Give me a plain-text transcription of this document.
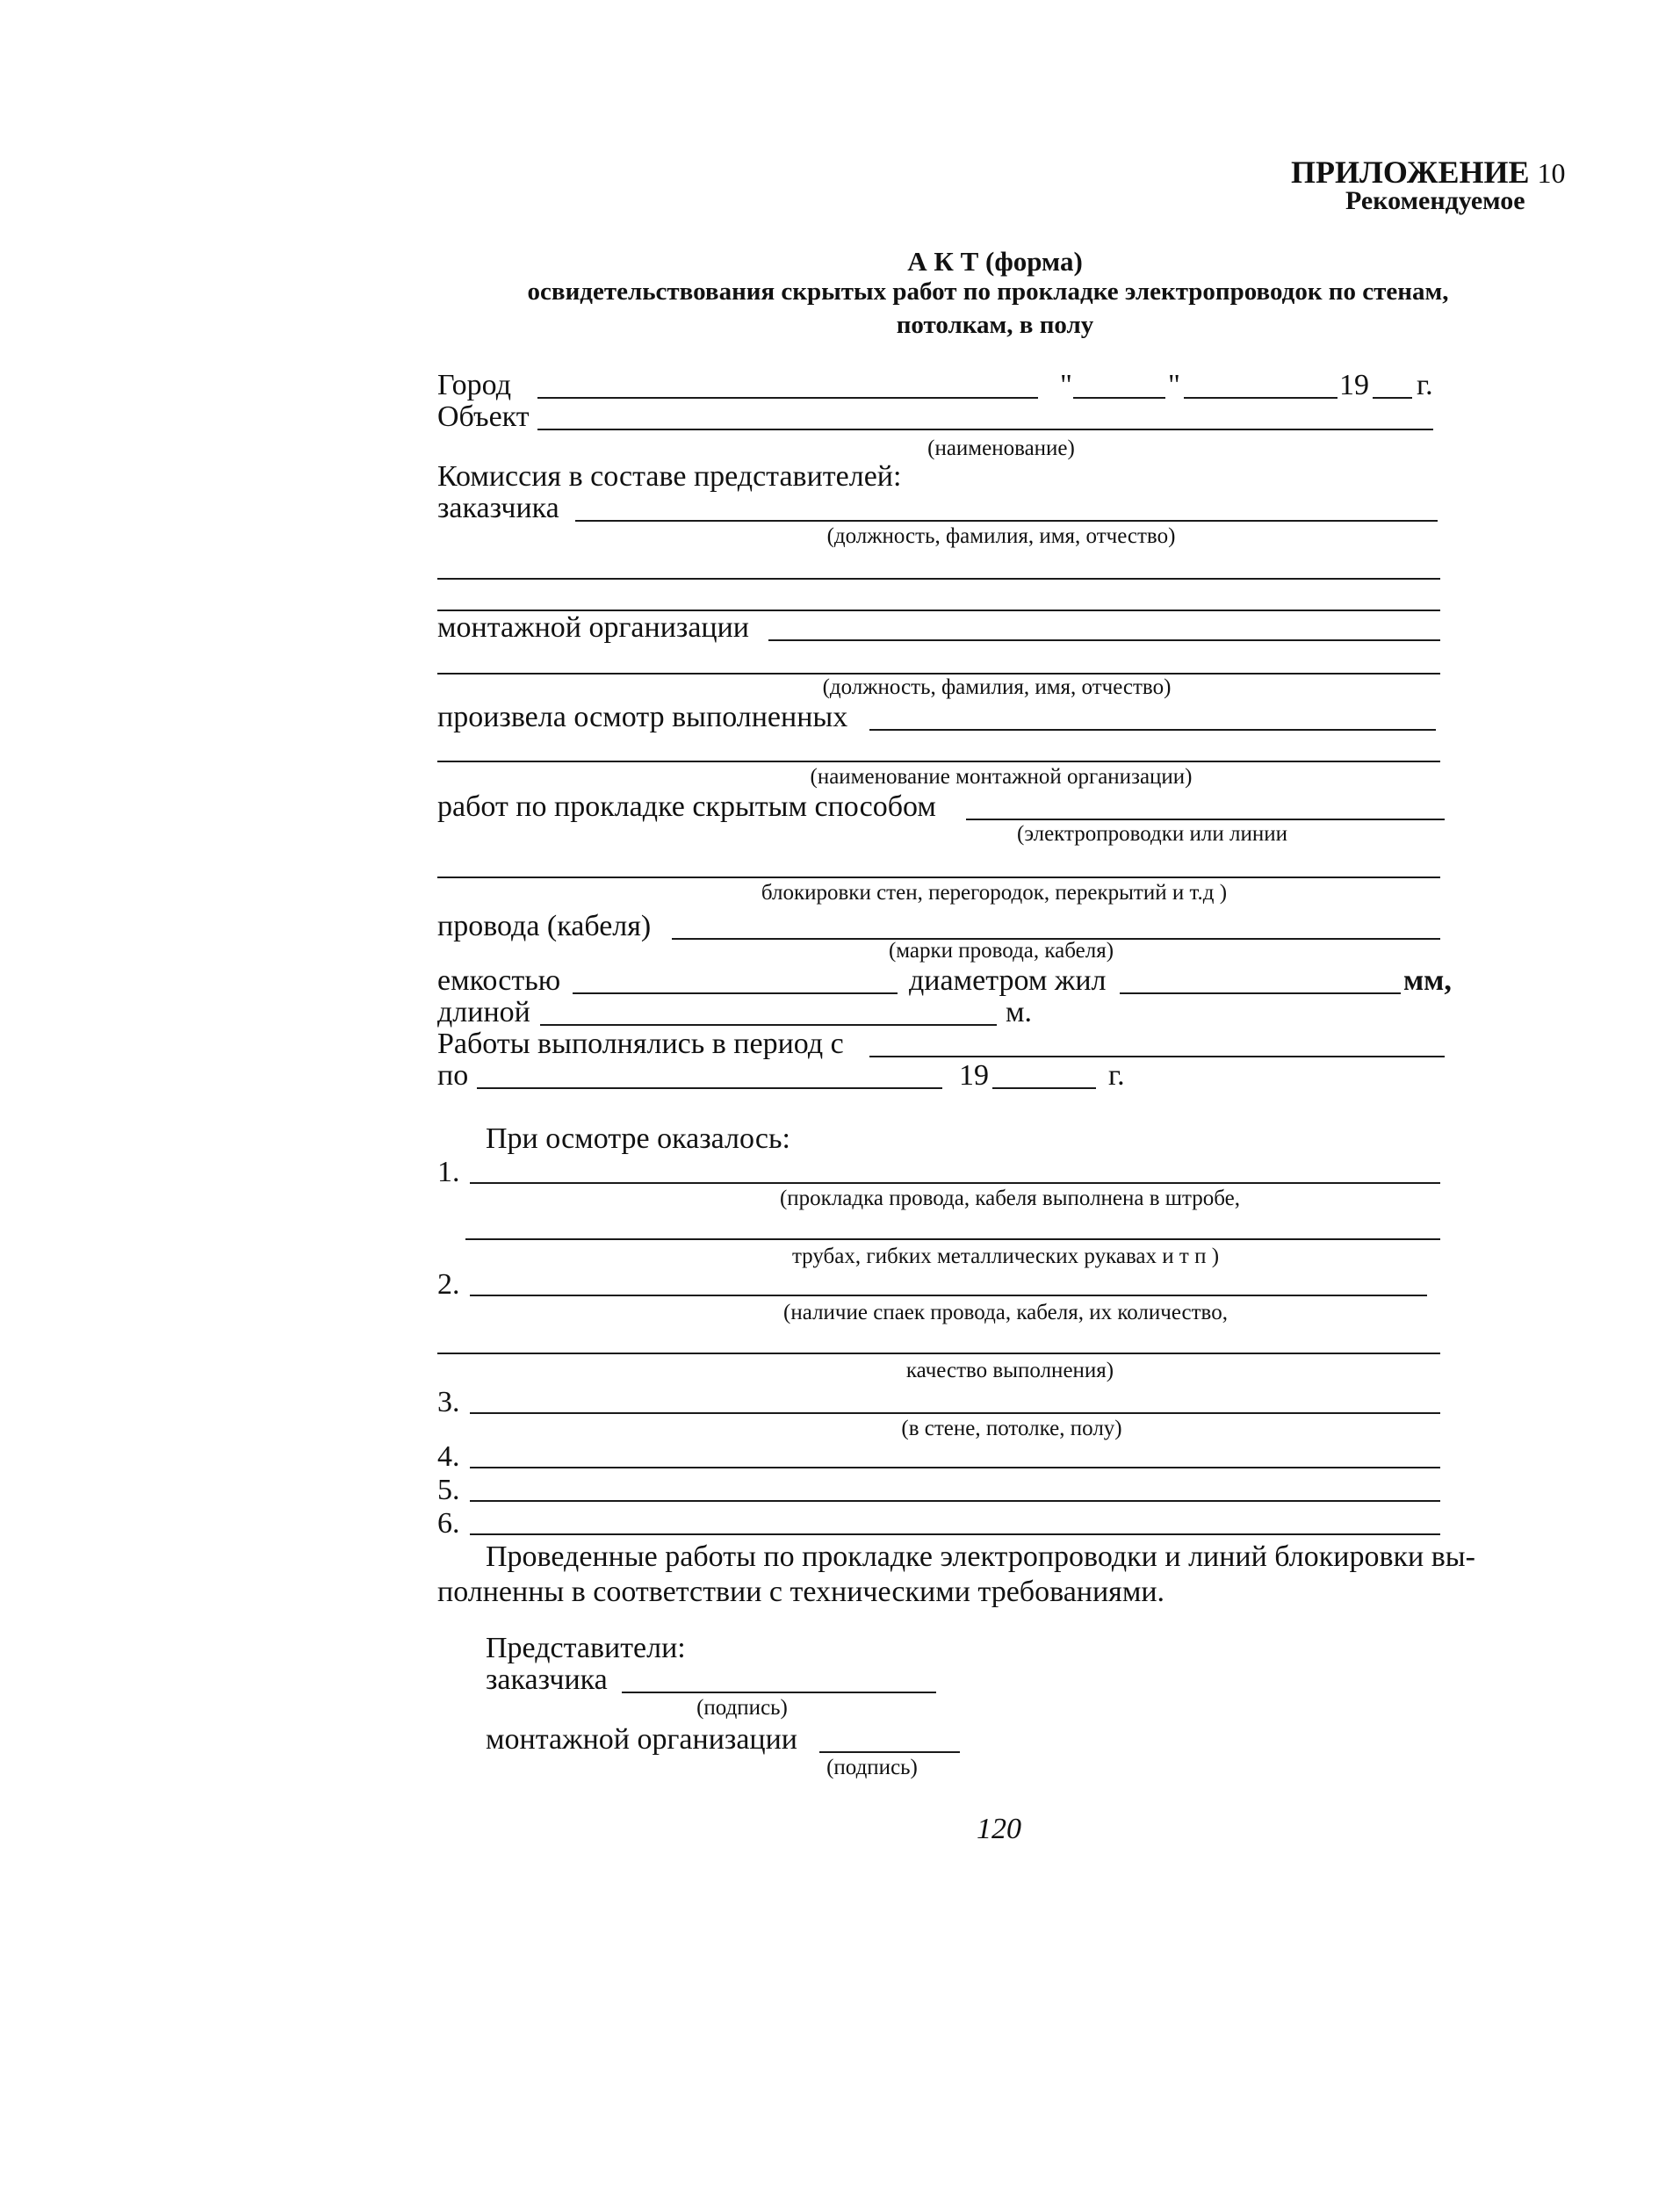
ПРИЛОЖЕНИЕ 10
Рекомендуемое
А К Т (форма)
освидетельствования скрытых работ по прокладке электропроводок по стенам,
потолкам, в полу
Город	"	"	19 г.
Объект
(наименование)
Комиссия в составе представителей:
заказчика
(должность, фамилия, имя, отчество)
монтажной организации
(должность, фамилия, имя, отчество)
произвела осмотр выполненных
(наименование монтажной организации)
работ по прокладке скрытым способом
(электропроводки или линии
блокировки стен, перегородок, перекрытий и т.д )
провода (кабеля)
(марки провода, кабеля)
емкостью	диаметром жил	мм,
длиной	м.
Работы выполнялись в период с
по	19	г.
При осмотре оказалось:
1.
(прокладка провода, кабеля выполнена в штробе,
трубах, гибких металлических рукавах и т п )
2.
(наличие спаек провода, кабеля, их количество,
качество выполнения)
3.
(в стене, потолке, полу)
4.
5.
6.
Проведенные работы по прокладке электропроводки и линий блокировки вы-
полненны в соответствии с техническими требованиями.
Представители:
заказчика
(подпись)
монтажной организации
(подпись)
120
